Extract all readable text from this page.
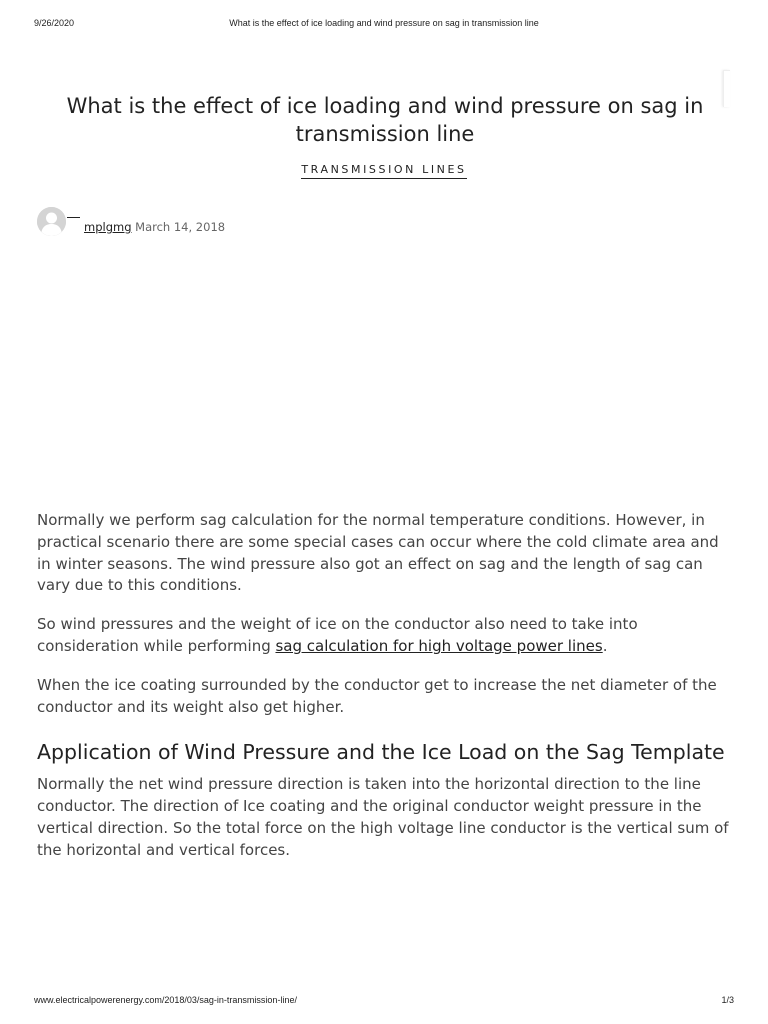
9/26/2020	What is the effect of ice loading and wind pressure on sag in transmission line
What is the effect of ice loading and wind pressure on sag in transmission line
TRANSMISSION LINES
mplgmg March 14, 2018

Normally we perform sag calculation for the normal temperature conditions. However, in practical scenario there are some special cases can occur where the cold climate area and in winter seasons. The wind pressure also got an effect on sag and the length of sag can vary due to this conditions.

So wind pressures and the weight of ice on the conductor also need to take into consideration while performing sag calculation for high voltage power lines.

When the ice coating surrounded by the conductor get to increase the net diameter of the conductor and its weight also get higher.

Application of Wind Pressure and the Ice Load on the Sag Template

Normally the net wind pressure direction is taken into the horizontal direction to the line conductor. The direction of Ice coating and the original conductor weight pressure in the vertical direction. So the total force on the high voltage line conductor is the vertical sum of the horizontal and vertical forces.

www.electricalpowerenergy.com/2018/03/sag-in-transmission-line/	1/3
